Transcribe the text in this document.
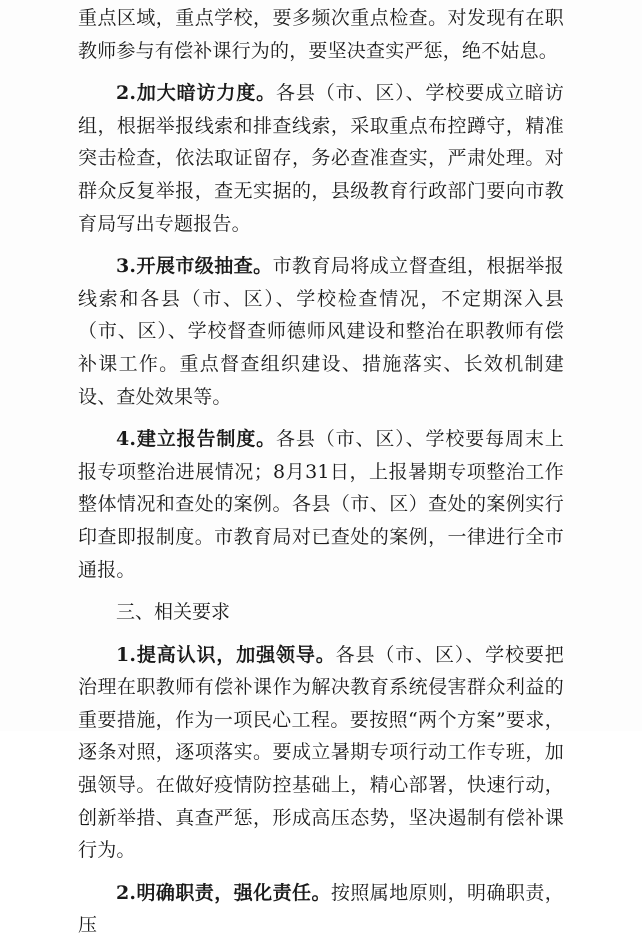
重点区域，重点学校，要多频次重点检查。对发现有在职教师参与有偿补课行为的，要坚决查实严惩，绝不姑息。

2.加大暗访力度。各县（市、区）、学校要成立暗访组，根据举报线索和排查线索，采取重点布控蹲守，精准突击检查，依法取证留存，务必查准查实，严肃处理。对群众反复举报，查无实据的，县级教育行政部门要向市教育局写出专题报告。

3.开展市级抽查。市教育局将成立督查组，根据举报线索和各县（市、区）、学校检查情况，不定期深入县（市、区）、学校督查师德师风建设和整治在职教师有偿补课工作。重点督查组织建设、措施落实、长效机制建设、查处效果等。

4.建立报告制度。各县（市、区）、学校要每周末上报专项整治进展情况；8月31日，上报暑期专项整治工作整体情况和查处的案例。各县（市、区）查处的案例实行印查即报制度。市教育局对已查处的案例，一律进行全市通报。

三、相关要求

1.提高认识，加强领导。各县（市、区）、学校要把治理在职教师有偿补课作为解决教育系统侵害群众利益的重要措施，作为一项民心工程。要按照“两个方案”要求，逐条对照，逐项落实。要成立暑期专项行动工作专班，加强领导。在做好疫情防控基础上，精心部署，快速行动，创新举措、真查严惩，形成高压态势，坚决遏制有偿补课行为。

2.明确职责，强化责任。按照属地原则，明确职责，压
